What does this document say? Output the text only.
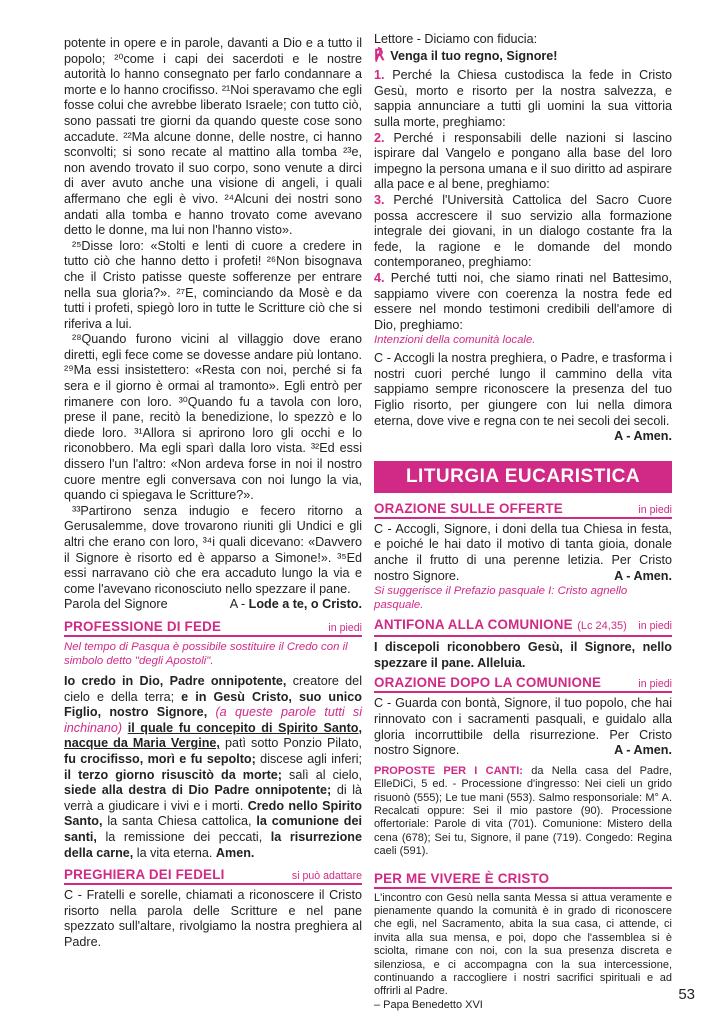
potente in opere e in parole, davanti a Dio e a tutto il popolo; ²⁰come i capi dei sacerdoti e le nostre autorità lo hanno consegnato per farlo condannare a morte e lo hanno crocifisso. ²¹Noi speravamo che egli fosse colui che avrebbe liberato Israele; con tutto ciò, sono passati tre giorni da quando queste cose sono accadute. ²²Ma alcune donne, delle nostre, ci hanno sconvolti; si sono recate al mattino alla tomba ²³e, non avendo trovato il suo corpo, sono venute a dirci di aver avuto anche una visione di angeli, i quali affermano che egli è vivo. ²⁴Alcuni dei nostri sono andati alla tomba e hanno trovato come avevano detto le donne, ma lui non l'hanno visto».

²⁵Disse loro: «Stolti e lenti di cuore a credere in tutto ciò che hanno detto i profeti! ²⁶Non bisognava che il Cristo patisse queste sofferenze per entrare nella sua gloria?». ²⁷E, cominciando da Mosè e da tutti i profeti, spiegò loro in tutte le Scritture ciò che si riferiva a lui.

²⁸Quando furono vicini al villaggio dove erano diretti, egli fece come se dovesse andare più lontano. ²⁹Ma essi insistettero: «Resta con noi, perché si fa sera e il giorno è ormai al tramonto». Egli entrò per rimanere con loro. ³⁰Quando fu a tavola con loro, prese il pane, recitò la benedizione, lo spezzò e lo diede loro. ³¹Allora si aprirono loro gli occhi e lo riconobbero. Ma egli sparì dalla loro vista. ³²Ed essi dissero l'un l'altro: «Non ardeva forse in noi il nostro cuore mentre egli conversava con noi lungo la via, quando ci spiegava le Scritture?».

³³Partirono senza indugio e fecero ritorno a Gerusalemme, dove trovarono riuniti gli Undici e gli altri che erano con loro, ³⁴i quali dicevano: «Davvero il Signore è risorto ed è apparso a Simone!». ³⁵Ed essi narravano ciò che era accaduto lungo la via e come l'avevano riconosciuto nello spezzare il pane.

Parola del Signore	A - Lode a te, o Cristo.
PROFESSIONE DI FEDE	in piedi

Nel tempo di Pasqua è possibile sostituire il Credo con il simbolo detto "degli Apostoli".

Io credo in Dio, Padre onnipotente, creatore del cielo e della terra; e in Gesù Cristo, suo unico Figlio, nostro Signore, (a queste parole tutti si inchinano) il quale fu concepito di Spirito Santo, nacque da Maria Vergine, patì sotto Ponzio Pilato, fu crocifisso, morì e fu sepolto; discese agli inferi; il terzo giorno risuscitò da morte; salì al cielo, siede alla destra di Dio Padre onnipotente; di là verrà a giudicare i vivi e i morti. Credo nello Spirito Santo, la santa Chiesa cattolica, la comunione dei santi, la remissione dei peccati, la risurrezione della carne, la vita eterna. Amen.

PREGHIERA DEI FEDELI	si può adattare

C - Fratelli e sorelle, chiamati a riconoscere il Cristo risorto nella parola delle Scritture e nel pane spezzato sull'altare, rivolgiamo la nostra preghiera al Padre.

Lettore - Diciamo con fiducia:

℟ Venga il tuo regno, Signore!

1. Perché la Chiesa custodisca la fede in Cristo Gesù, morto e risorto per la nostra salvezza, e sappia annunciare a tutti gli uomini la sua vittoria sulla morte, preghiamo:

2. Perché i responsabili delle nazioni si lascino ispirare dal Vangelo e pongano alla base del loro impegno la persona umana e il suo diritto ad aspirare alla pace e al bene, preghiamo:

3. Perché l'Università Cattolica del Sacro Cuore possa accrescere il suo servizio alla formazione integrale dei giovani, in un dialogo costante fra la fede, la ragione e le domande del mondo contemporaneo, preghiamo:

4. Perché tutti noi, che siamo rinati nel Battesimo, sappiamo vivere con coerenza la nostra fede ed essere nel mondo testimoni credibili dell'amore di Dio, preghiamo:

Intenzioni della comunità locale.

C - Accogli la nostra preghiera, o Padre, e trasforma i nostri cuori perché lungo il cammino della vita sappiamo sempre riconoscere la presenza del tuo Figlio risorto, per giungere con lui nella dimora eterna, dove vive e regna con te nei secoli dei secoli.

A - Amen.

LITURGIA EUCARISTICA
ORAZIONE SULLE OFFERTE	in piedi

C - Accogli, Signore, i doni della tua Chiesa in festa, e poiché le hai dato il motivo di tanta gioia, donale anche il frutto di una perenne letizia. Per Cristo nostro Signore.	A - Amen.

Si suggerisce il Prefazio pasquale I: Cristo agnello pasquale.

ANTIFONA ALLA COMUNIONE (Lc 24,35) in piedi

I discepoli riconobbero Gesù, il Signore, nello spezzare il pane. Alleluia.

ORAZIONE DOPO LA COMUNIONE	in piedi

C - Guarda con bontà, Signore, il tuo popolo, che hai rinnovato con i sacramenti pasquali, e guidalo alla gloria incorruttibile della risurrezione. Per Cristo nostro Signore.	A - Amen.

PROPOSTE PER I CANTI: da Nella casa del Padre, ElleDiCi, 5 ed. - Processione d'ingresso: Nei cieli un grido risuonò (555); Le tue mani (553). Salmo responsoriale: M° A. Recalcati oppure: Sei il mio pastore (90). Processione offertoriale: Parole di vita (701). Comunione: Mistero della cena (678); Sei tu, Signore, il pane (719). Congedo: Regina caeli (591).

PER ME VIVERE È CRISTO

L'incontro con Gesù nella santa Messa si attua veramente e pienamente quando la comunità è in grado di riconoscere che egli, nel Sacramento, abita la sua casa, ci attende, ci invita alla sua mensa, e poi, dopo che l'assemblea si è sciolta, rimane con noi, con la sua presenza discreta e silenziosa, e ci accompagna con la sua intercessione, continuando a raccogliere i nostri sacrifici spirituali e ad offrirli al Padre.

– Papa Benedetto XVI

53
